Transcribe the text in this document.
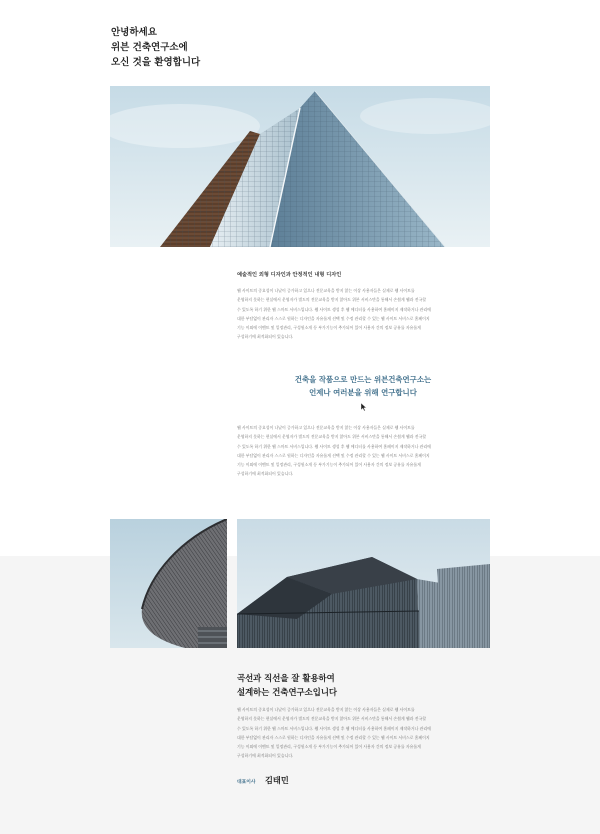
안녕하세요
위븐 건축연구소에
오신 것을 환영합니다
예술적인 외형 디자인과 안정적인 내형 디자인

웹 사이트의 중요성이 나날이 증가하고 있으나 전문교육을 받지 않는 이상 사용자들은 실제로 웹 사이트를

운영하지 못하는 현실에서 운영자가 별도의 전문교육을 받지 않아도 위븐 서비스만을 통해서 손쉽게 웹과 전국할

수 있도록 하기 위한 웹 스마트 서비스입니다. 웹 사이트 생성 후 웹 에디터를 사용하여 홈페이지 제작하거나 관리에

대한 부담없이 관리자 스스로 원하는 디자인을 자유롭게 선택 및 수정 관리할 수 있는 웹 사이트 서비스로 홈페이지

기능 이외에 이벤트 및 일정관리, 구성원소개 등 부가기능이 추가되어 있어 사용자 간의 정보 공유를 자유롭게

구성하기에 최적화되어 있습니다.

건축을 작품으로 만드는 위븐건축연구소는
언제나 여러분을 위해 연구합니다

웹 사이트의 중요성이 나날이 증가하고 있으나 전문교육을 받지 않는 이상 사용자들은 실제로 웹 사이트를

운영하지 못하는 현실에서 운영자가 별도의 전문교육을 받지 않아도 위븐 서비스만을 통해서 손쉽게 웹과 전국할

수 있도록 하기 위한 웹 스마트 서비스입니다. 웹 사이트 생성 후 웹 에디터를 사용하여 홈페이지 제작하거나 관리에

대한 부담없이 관리자 스스로 원하는 디자인을 자유롭게 선택 및 수정 관리할 수 있는 웹 사이트 서비스로 홈페이지

기능 이외에 이벤트 및 일정관리, 구성원소개 등 부가기능이 추가되어 있어 사용자 간의 정보 공유를 자유롭게

구성하기에 최적화되어 있습니다.

곡선과 직선을 잘 활용하여
설계하는 건축연구소입니다

웹 사이트의 중요성이 나날이 증가하고 있으나 전문교육을 받지 않는 이상 사용자들은 실제로 웹 사이트를

운영하지 못하는 현실에서 운영자가 별도의 전문교육을 받지 않아도 위븐 서비스만을 통해서 손쉽게 웹과 전국할

수 있도록 하기 위한 웹 스마트 서비스입니다. 웹 사이트 생성 후 웹 에디터를 사용하여 홈페이지 제작하거나 관리에

대한 부담없이 관리자 스스로 원하는 디자인을 자유롭게 선택 및 수정 관리할 수 있는 웹 사이트 서비스로 홈페이지

기능 이외에 이벤트 및 일정관리, 구성원소개 등 부가기능이 추가되어 있어 사용자 간의 정보 공유를 자유롭게

구성하기에 최적화되어 있습니다.

대표이사 김태민
